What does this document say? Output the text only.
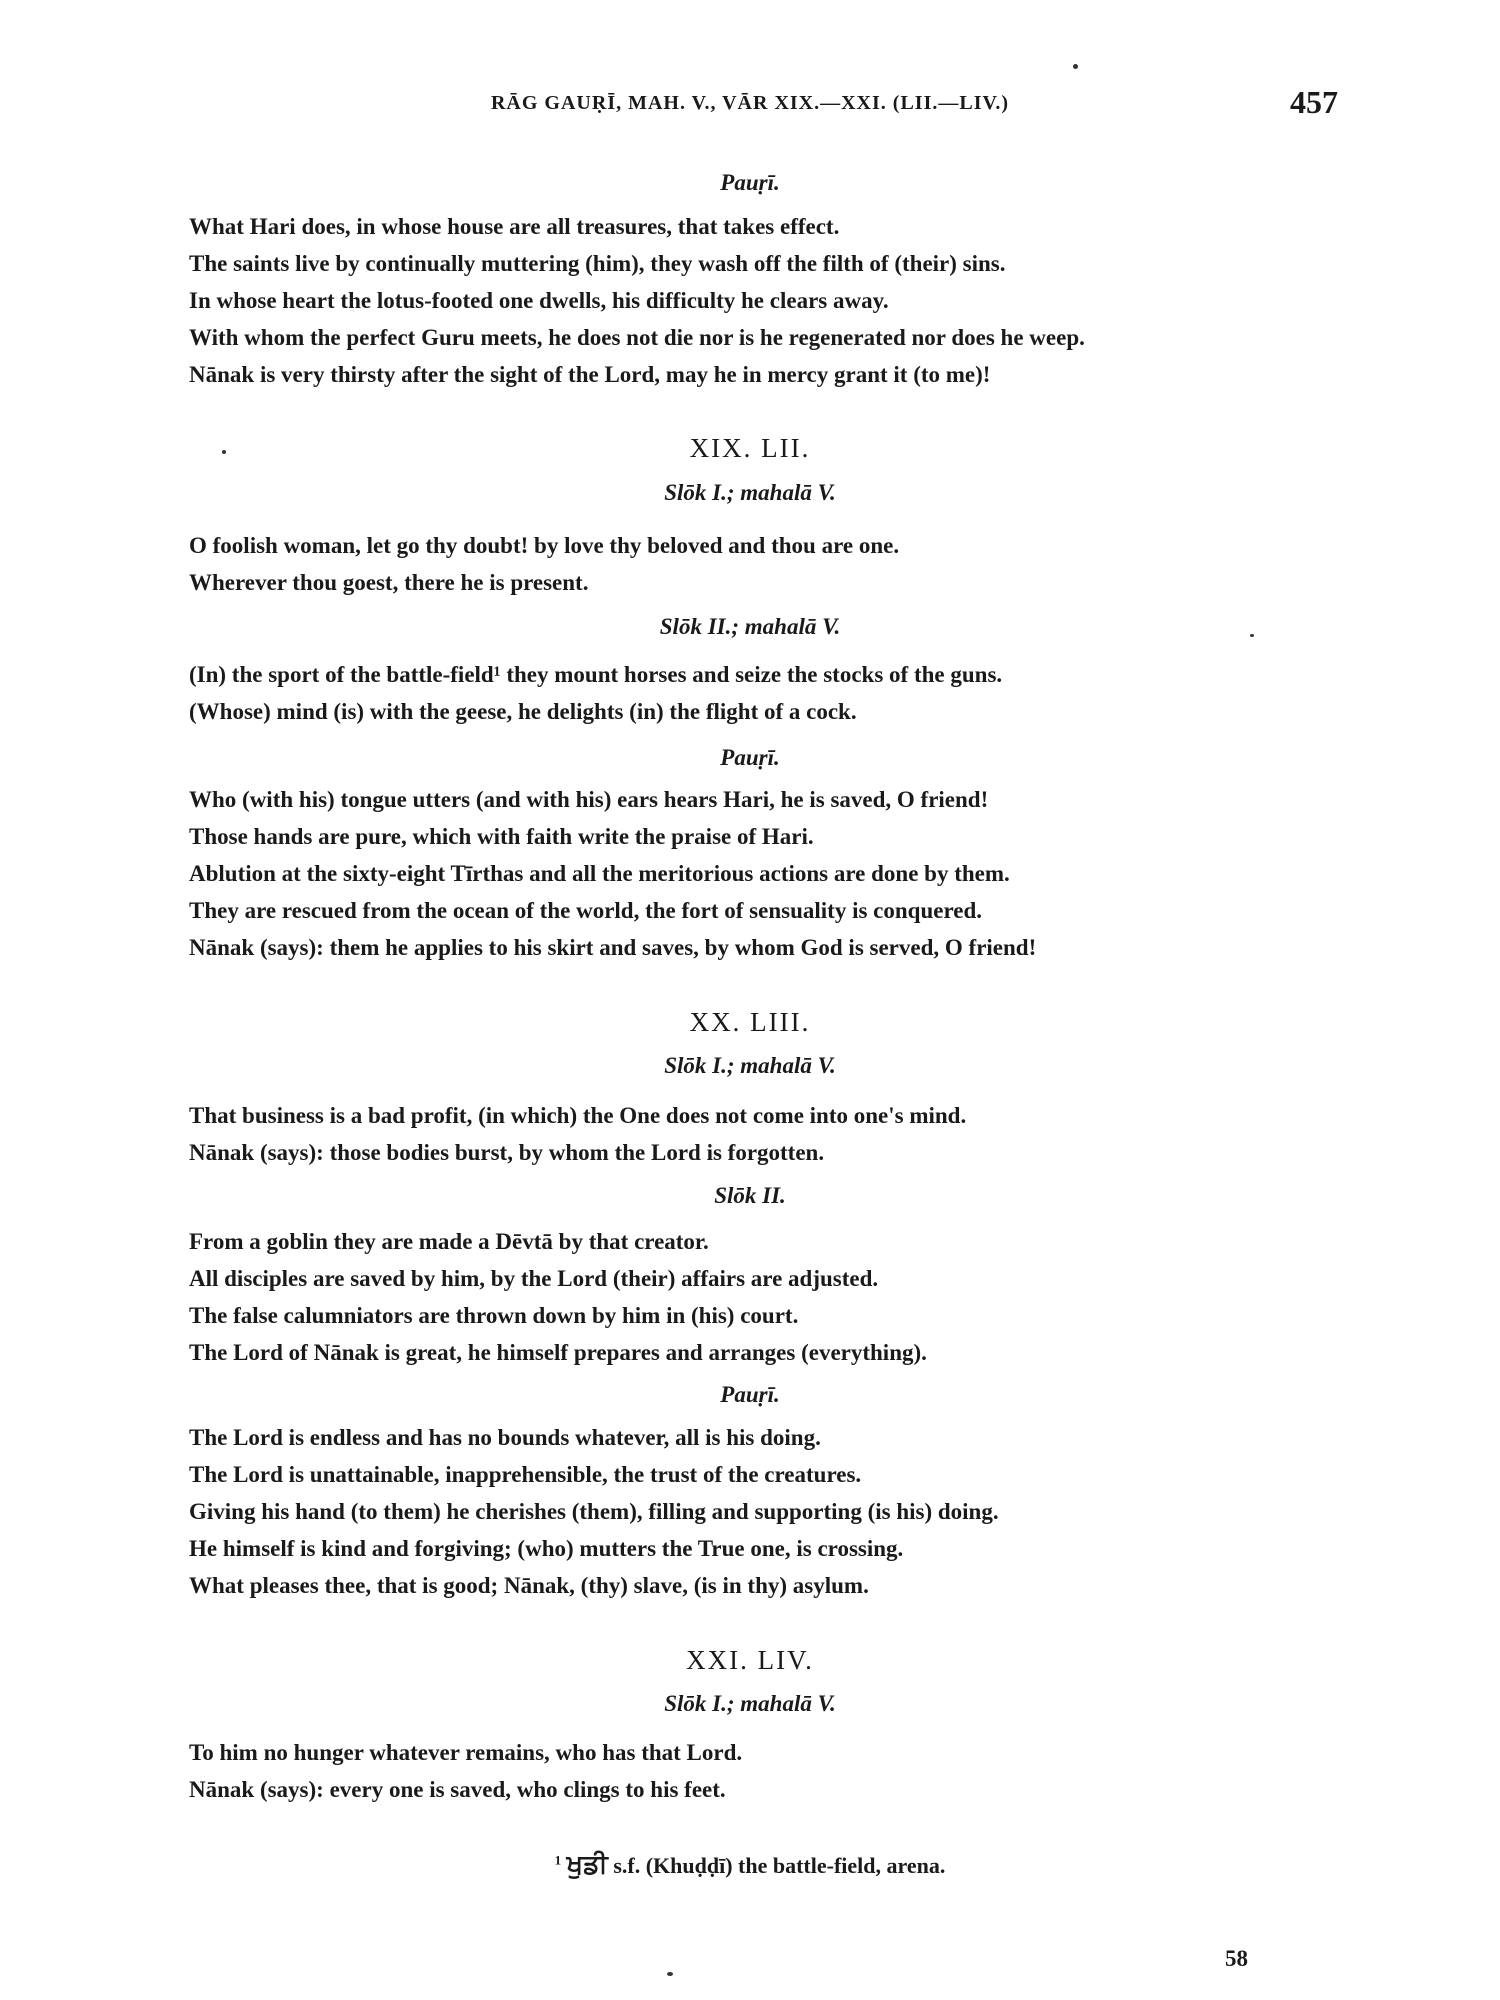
RĀG GAUṚĪ, MAH. V., VĀR XIX.—XXI. (LII.—LIV.)	457
Pauṛī.
What Hari does, in whose house are all treasures, that takes effect.
The saints live by continually muttering (him), they wash off the filth of (their) sins.
In whose heart the lotus-footed one dwells, his difficulty he clears away.
With whom the perfect Guru meets, he does not die nor is he regenerated nor does he weep.
Nānak is very thirsty after the sight of the Lord, may he in mercy grant it (to me)!
XIX. LII.
Slōk I.; mahalā V.
O foolish woman, let go thy doubt! by love thy beloved and thou are one.
Wherever thou goest, there he is present.
Slōk II.; mahalā V.
(In) the sport of the battle-field¹ they mount horses and seize the stocks of the guns.
(Whose) mind (is) with the geese, he delights (in) the flight of a cock.
Pauṛī.
Who (with his) tongue utters (and with his) ears hears Hari, he is saved, O friend!
Those hands are pure, which with faith write the praise of Hari.
Ablution at the sixty-eight Tīrthas and all the meritorious actions are done by them.
They are rescued from the ocean of the world, the fort of sensuality is conquered.
Nānak (says): them he applies to his skirt and saves, by whom God is served, O friend!
XX. LIII.
Slōk I.; mahalā V.
That business is a bad profit, (in which) the One does not come into one's mind.
Nānak (says): those bodies burst, by whom the Lord is forgotten.
Slōk II.
From a goblin they are made a Dēvtā by that creator.
All disciples are saved by him, by the Lord (their) affairs are adjusted.
The false calumniators are thrown down by him in (his) court.
The Lord of Nānak is great, he himself prepares and arranges (everything).
Pauṛī.
The Lord is endless and has no bounds whatever, all is his doing.
The Lord is unattainable, inapprehensible, the trust of the creatures.
Giving his hand (to them) he cherishes (them), filling and supporting (is his) doing.
He himself is kind and forgiving; (who) mutters the True one, is crossing.
What pleases thee, that is good; Nānak, (thy) slave, (is in thy) asylum.
XXI. LIV.
Slōk I.; mahalā V.
To him no hunger whatever remains, who has that Lord.
Nānak (says): every one is saved, who clings to his feet.
$^1$ ਖੁਡੀ s.f. (Khuḍḍī) the battle-field, arena.
58
